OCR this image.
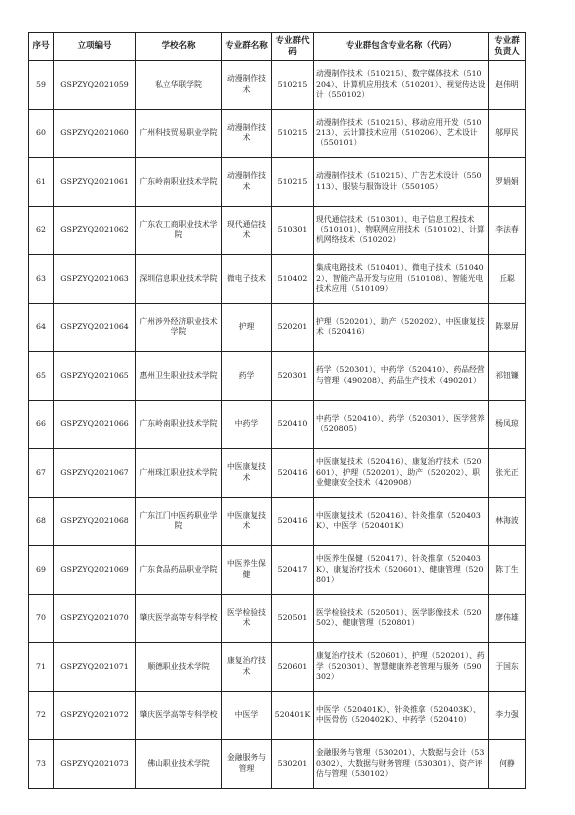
序号	立项编号	学校名称	专业群名称	专业群代码	专业群包含专业名称（代码）	专业群负责人
59	GSPZYQ2021059	私立华联学院	动漫制作技术	510215	动漫制作技术（510215）、数字媒体技术（510204）、计算机应用技术（510201）、视觉传达设计（550102）	赵伟明
60	GSPZYQ2021060	广州科技贸易职业学院	动漫制作技术	510215	动漫制作技术（510215）、移动应用开发（510213）、云计算技术应用（510206）、艺术设计（550101）	邬厚民
61	GSPZYQ2021061	广东岭南职业技术学院	动漫制作技术	510215	动漫制作技术（510215）、广告艺术设计（550113）、服装与服饰设计（550105）	罗娟娟
62	GSPZYQ2021062	广东农工商职业技术学院	现代通信技术	510301	现代通信技术（510301）、电子信息工程技术（510101）、物联网应用技术（510102）、计算机网络技术（510202）	李法春
63	GSPZYQ2021063	深圳信息职业技术学院	微电子技术	510402	集成电路技术（510401）、微电子技术（510402）、智能产品开发与应用（510108）、智能光电技术应用（510109）	丘聪
64	GSPZYQ2021064	广州涉外经济职业技术学院	护理	520201	护理（520201）、助产（520202）、中医康复技术（520416）	陈翠屏
65	GSPZYQ2021065	惠州卫生职业技术学院	药学	520301	药学（520301）、中药学（520410）、药品经营与管理（490208）、药品生产技术（490201）	祁钮镰
66	GSPZYQ2021066	广东岭南职业技术学院	中药学	520410	中药学（520410）、药学（520301）、医学营养（520805）	杨凤琼
67	GSPZYQ2021067	广州珠江职业技术学院	中医康复技术	520416	中医康复技术（520416）、康复治疗技术（520601）、护理（520201）、助产（520202）、职业健康安全技术（420908）	张光正
68	GSPZYQ2021068	广东江门中医药职业学院	中医康复技术	520416	中医康复技术（520416）、针灸推拿（520403K）、中医学（520401K）	林海波
69	GSPZYQ2021069	广东食品药品职业学院	中医养生保健	520417	中医养生保健（520417）、针灸推拿（520403K）、康复治疗技术（520601）、健康管理（520801）	陈丁生
70	GSPZYQ2021070	肇庆医学高等专科学校	医学检验技术	520501	医学检验技术（520501）、医学影像技术（520502）、健康管理（520801）	廖伟雄
71	GSPZYQ2021071	顺德职业技术学院	康复治疗技术	520601	康复治疗技术（520601）、护理（520201）、药学（520301）、智慧健康养老管理与服务（590302）	于国东
72	GSPZYQ2021072	肇庆医学高等专科学校	中医学	520401K	中医学（520401K）、针灸推拿（520403K）、中医骨伤（520402K）、中药学（520410）	李力强
73	GSPZYQ2021073	佛山职业技术学院	金融服务与管理	530201	金融服务与管理（530201）、大数据与会计（530302）、大数据与财务管理（530301）、资产评估与管理（530102）	何静
